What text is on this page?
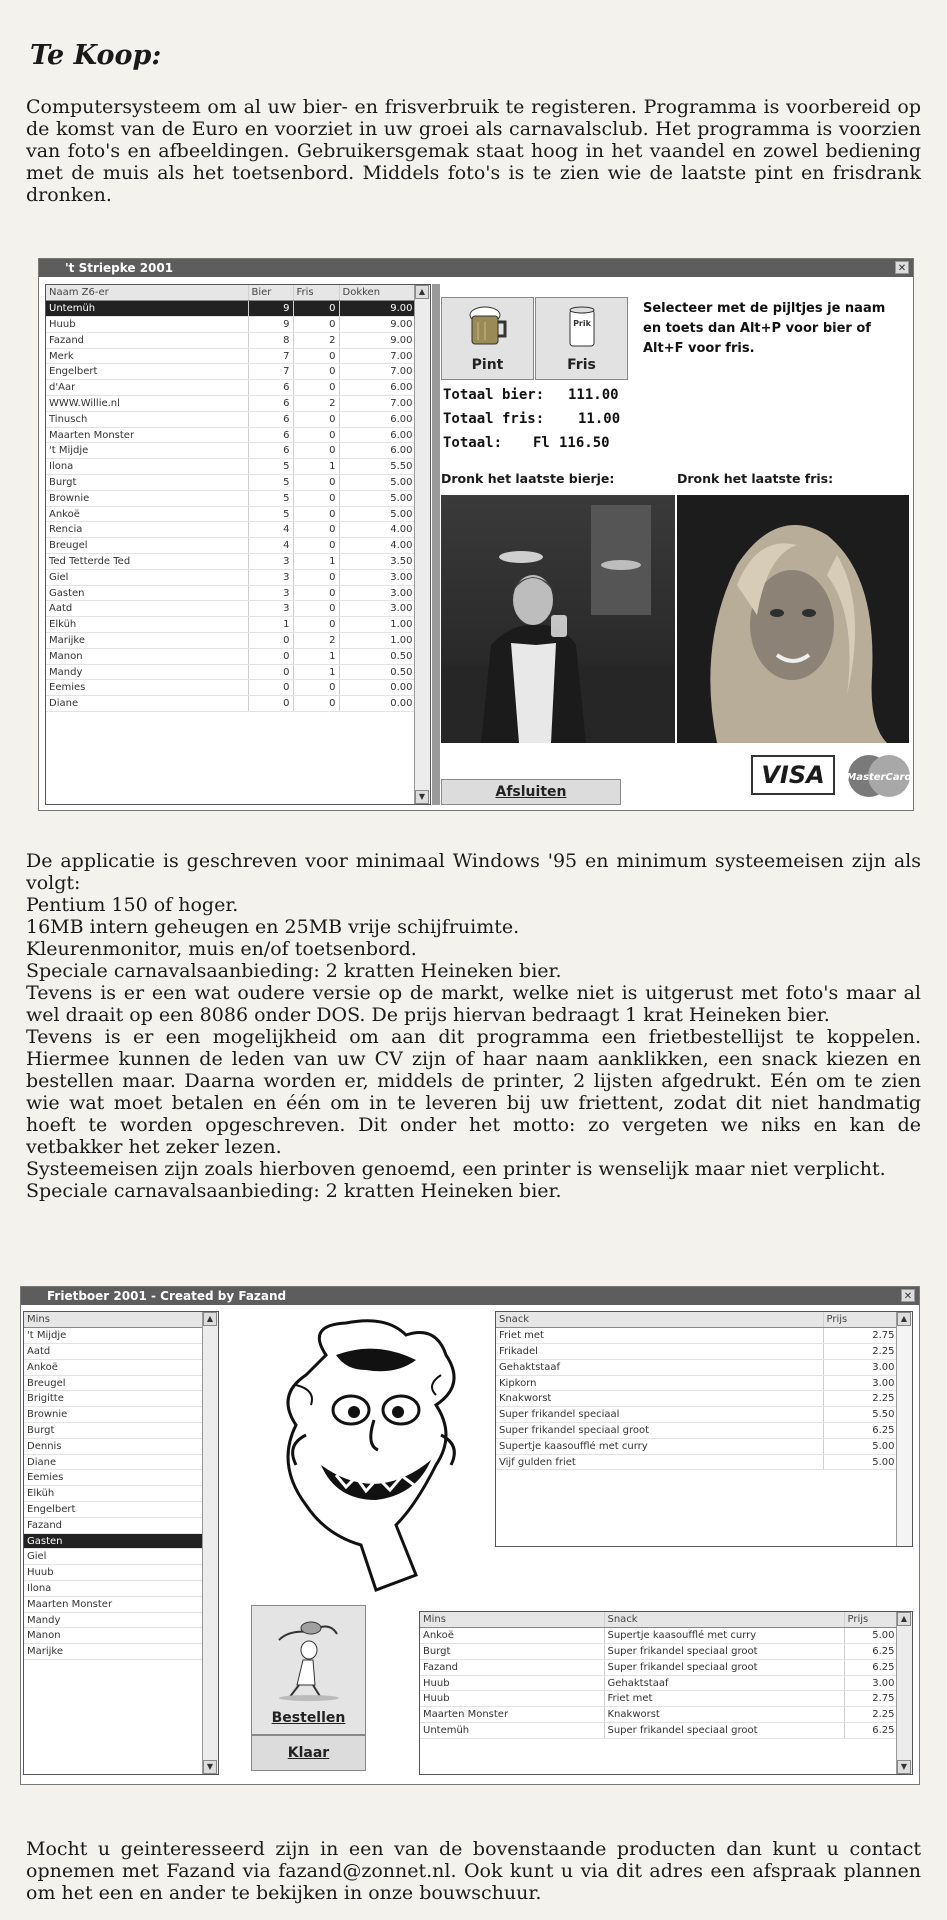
Te Koop:
Computersysteem om al uw bier- en frisverbruik te registeren. Programma is voorbereid op de komst van de Euro en voorziet in uw groei als carnavalsclub. Het programma is voorzien van foto's en afbeeldingen. Gebruikersgemak staat hoog in het vaandel en zowel bediening met de muis als het toetsenbord. Middels foto's is te zien wie de laatste pint en frisdrank dronken.
't Striepke 2001	✕
Naam Z6-er	Bier	Fris	Dokken
Untemüh	9	0	9.00
Huub	9	0	9.00
Fazand	8	2	9.00
Merk	7	0	7.00
Engelbert	7	0	7.00
d'Aar	6	0	6.00
WWW.Willie.nl	6	2	7.00
Tinusch	6	0	6.00
Maarten Monster	6	0	6.00
't Mijdje	6	0	6.00
Ilona	5	1	5.50
Burgt	5	0	5.00
Brownie	5	0	5.00
Ankoë	5	0	5.00
Rencia	4	0	4.00
Breugel	4	0	4.00
Ted Tetterde Ted	3	1	3.50
Giel	3	0	3.00
Gasten	3	0	3.00
Aatd	3	0	3.00
Elküh	1	0	1.00
Marijke	0	2	1.00
Manon	0	1	0.50
Mandy	0	1	0.50
Eemies	0	0	0.00
Diane	0	0	0.00
▲
▼
Pint
Prik
Fris
Selecteer met de pijltjes je naam en toets dan Alt+P voor bier of Alt+F voor fris.
Totaal bier: 111.00
Totaal fris: 11.00
Totaal: Fl 116.50
Dronk het laatste bierje:	Dronk het laatste fris:
Afsluiten
VISA	MasterCard

De applicatie is geschreven voor minimaal Windows '95 en minimum systeemeisen zijn als volgt:

Pentium 150 of hoger.

16MB intern geheugen en 25MB vrije schijfruimte.

Kleurenmonitor, muis en/of toetsenbord.

Speciale carnavalsaanbieding: 2 kratten Heineken bier.

Tevens is er een wat oudere versie op de markt, welke niet is uitgerust met foto's maar al wel draait op een 8086 onder DOS. De prijs hiervan bedraagt 1 krat Heineken bier.

Tevens is er een mogelijkheid om aan dit programma een frietbestellijst te koppelen. Hiermee kunnen de leden van uw CV zijn of haar naam aanklikken, een snack kiezen en bestellen maar. Daarna worden er, middels de printer, 2 lijsten afgedrukt. Eén om te zien wie wat moet betalen en één om in te leveren bij uw friettent, zodat dit niet handmatig hoeft te worden opgeschreven. Dit onder het motto: zo vergeten we niks en kan de vetbakker het zeker lezen.

Systeemeisen zijn zoals hierboven genoemd, een printer is wenselijk maar niet verplicht.

Speciale carnavalsaanbieding: 2 kratten Heineken bier.

Frietboer 2001 - Created by Fazand	✕
Mins
't Mijdje
Aatd
Ankoë
Breugel
Brigitte
Brownie
Burgt
Dennis
Diane
Eemies
Elküh
Engelbert
Fazand
Gasten
Giel
Huub
Ilona
Maarten Monster
Mandy
Manon
Marijke
▲
▼
Snack	Prijs
Friet met	2.75
Frikadel	2.25
Gehaktstaaf	3.00
Kipkorn	3.00
Knakworst	2.25
Super frikandel speciaal	5.50
Super frikandel speciaal groot	6.25
Supertje kaasoufflé met curry	5.00
Vijf gulden friet	5.00
▲
Bestellen
Klaar
Mins	Snack	Prijs
Ankoë	Supertje kaasoufflé met curry	5.00
Burgt	Super frikandel speciaal groot	6.25
Fazand	Super frikandel speciaal groot	6.25
Huub	Gehaktstaaf	3.00
Huub	Friet met	2.75
Maarten Monster	Knakworst	2.25
Untemüh	Super frikandel speciaal groot	6.25
▲
▼
Mocht u geinteresseerd zijn in een van de bovenstaande producten dan kunt u contact opnemen met Fazand via fazand@zonnet.nl. Ook kunt u via dit adres een afspraak plannen om het een en ander te bekijken in onze bouwschuur.
